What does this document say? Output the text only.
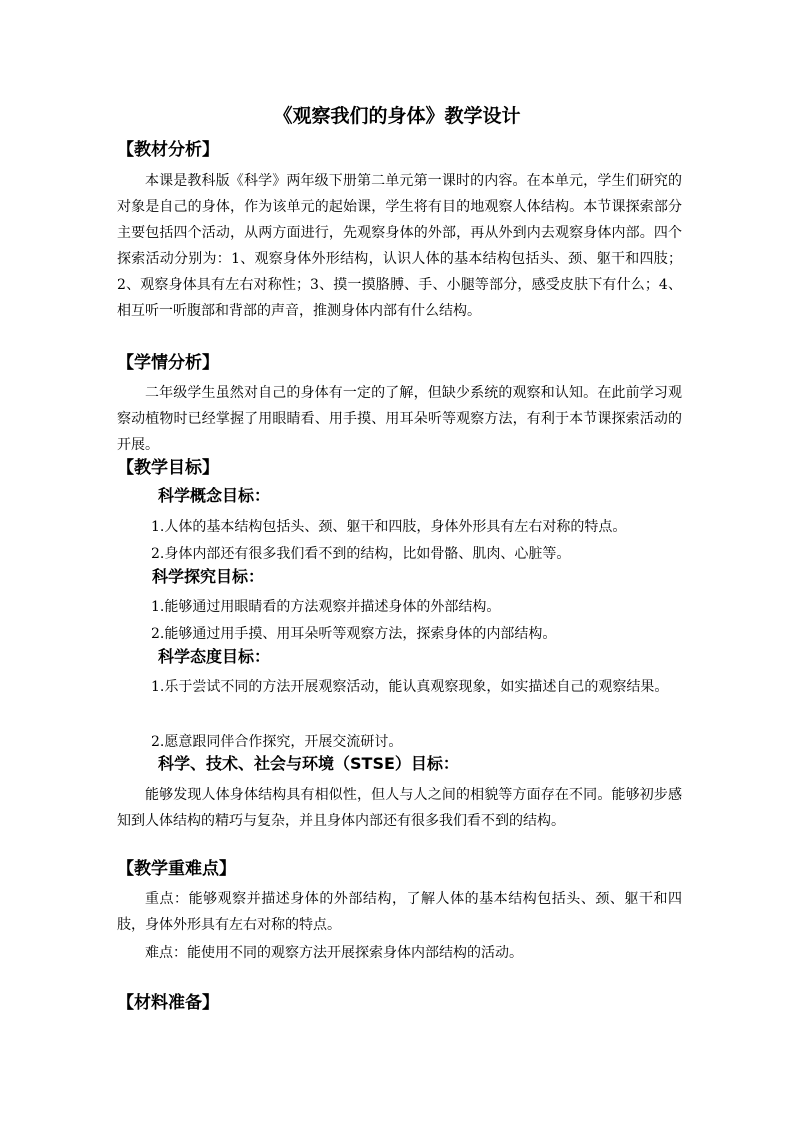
《观察我们的身体》教学设计
【教材分析】

本课是教科版《科学》两年级下册第二单元第一课时的内容。在本单元，学生们研究的对象是自己的身体，作为该单元的起始课，学生将有目的地观察人体结构。本节课探索部分主要包括四个活动，从两方面进行，先观察身体的外部，再从外到内去观察身体内部。四个探索活动分别为：1、观察身体外形结构，认识人体的基本结构包括头、颈、躯干和四肢；2、观察身体具有左右对称性；3、摸一摸胳膊、手、小腿等部分，感受皮肤下有什么；4、相互听一听腹部和背部的声音，推测身体内部有什么结构。

【学情分析】

二年级学生虽然对自己的身体有一定的了解，但缺少系统的观察和认知。在此前学习观察动植物时已经掌握了用眼睛看、用手摸、用耳朵听等观察方法，有利于本节课探索活动的开展。

【教学目标】
科学概念目标：
1.人体的基本结构包括头、颈、躯干和四肢，身体外形具有左右对称的特点。
2.身体内部还有很多我们看不到的结构，比如骨骼、肌肉、心脏等。
科学探究目标：
1.能够通过用眼睛看的方法观察并描述身体的外部结构。
2.能够通过用手摸、用耳朵听等观察方法，探索身体的内部结构。
科学态度目标：

1.乐于尝试不同的方法开展观察活动，能认真观察现象，如实描述自己的观察结果。

2.愿意跟同伴合作探究，开展交流研讨。
科学、技术、社会与环境（STSE）目标：

能够发现人体身体结构具有相似性，但人与人之间的相貌等方面存在不同。能够初步感知到人体结构的精巧与复杂，并且身体内部还有很多我们看不到的结构。

【教学重难点】

重点：能够观察并描述身体的外部结构，了解人体的基本结构包括头、颈、躯干和四肢，身体外形具有左右对称的特点。

难点：能使用不同的观察方法开展探索身体内部结构的活动。

【材料准备】
